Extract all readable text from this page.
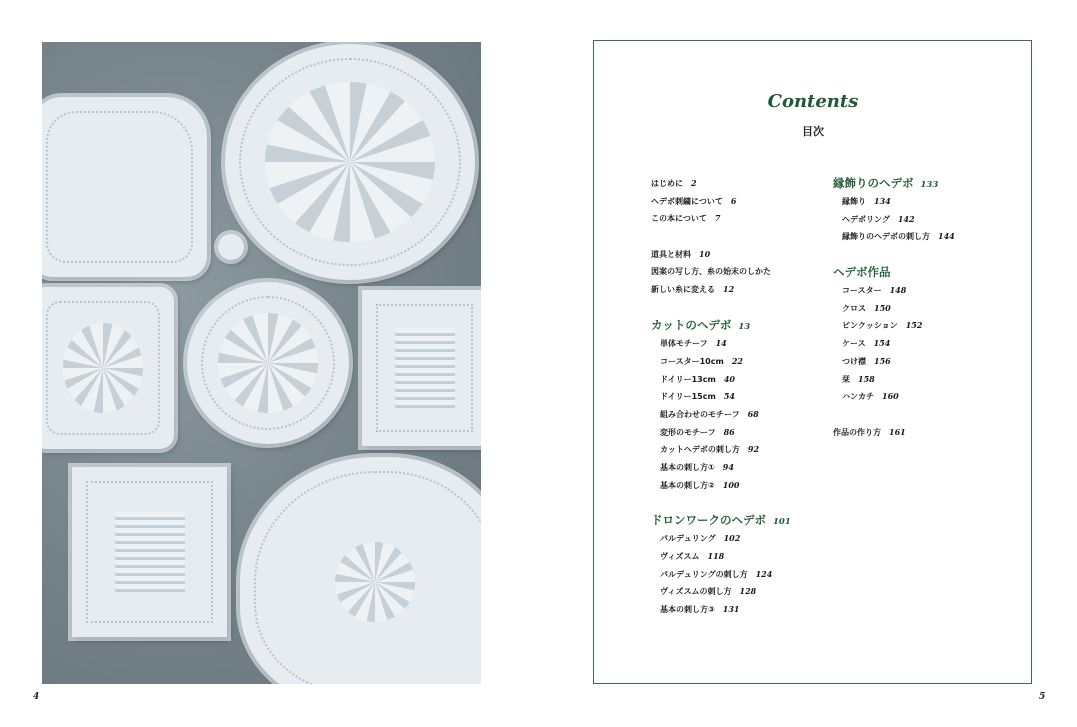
Contents
目次
はじめに 2
ヘデボ刺繍について 6
この本について 7
道具と材料 10
図案の写し方、糸の始末のしかた
新しい糸に変える 12
カットのヘデボ 13
単体モチーフ 14
コースター10cm 22
ドイリー13cm 40
ドイリー15cm 54
組み合わせのモチーフ 68
変形のモチーフ 86
カットヘデボの刺し方 92
基本の刺し方① 94
基本の刺し方② 100
ドロンワークのヘデボ 101
パルデュリング 102
ヴィズスム 118
パルデュリングの刺し方 124
ヴィズスムの刺し方 128
基本の刺し方③ 131
縁飾りのヘデボ 133
縁飾り 134
ヘデボリング 142
縁飾りのヘデボの刺し方 144
ヘデボ作品
コースター 148
クロス 150
ピンクッション 152
ケース 154
つけ襟 156
栞 158
ハンカチ 160
作品の作り方 161
4	5
